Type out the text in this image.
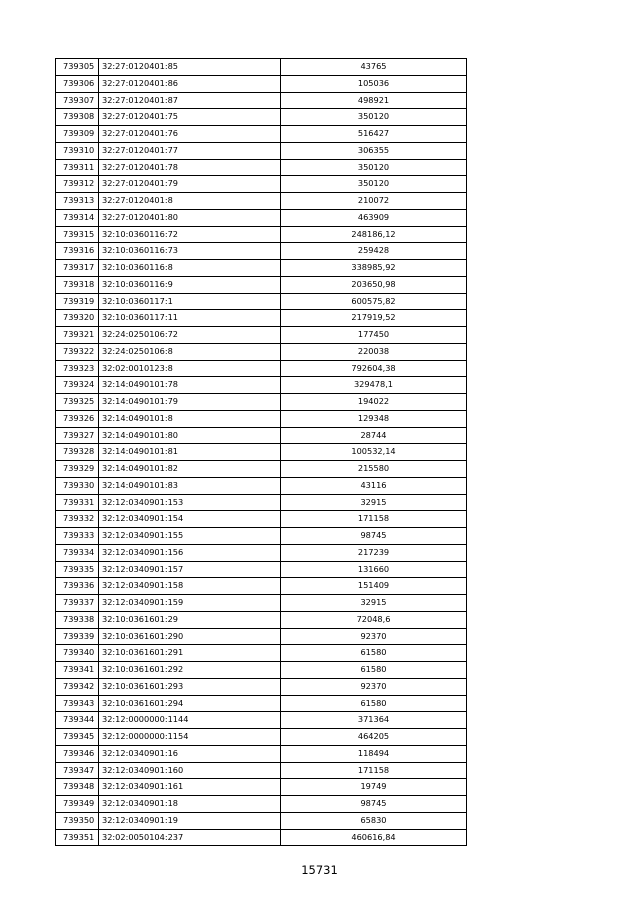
739305	32:27:0120401:85	43765
739306	32:27:0120401:86	105036
739307	32:27:0120401:87	498921
739308	32:27:0120401:75	350120
739309	32:27:0120401:76	516427
739310	32:27:0120401:77	306355
739311	32:27:0120401:78	350120
739312	32:27:0120401:79	350120
739313	32:27:0120401:8	210072
739314	32:27:0120401:80	463909
739315	32:10:0360116:72	248186,12
739316	32:10:0360116:73	259428
739317	32:10:0360116:8	338985,92
739318	32:10:0360116:9	203650,98
739319	32:10:0360117:1	600575,82
739320	32:10:0360117:11	217919,52
739321	32:24:0250106:72	177450
739322	32:24:0250106:8	220038
739323	32:02:0010123:8	792604,38
739324	32:14:0490101:78	329478,1
739325	32:14:0490101:79	194022
739326	32:14:0490101:8	129348
739327	32:14:0490101:80	28744
739328	32:14:0490101:81	100532,14
739329	32:14:0490101:82	215580
739330	32:14:0490101:83	43116
739331	32:12:0340901:153	32915
739332	32:12:0340901:154	171158
739333	32:12:0340901:155	98745
739334	32:12:0340901:156	217239
739335	32:12:0340901:157	131660
739336	32:12:0340901:158	151409
739337	32:12:0340901:159	32915
739338	32:10:0361601:29	72048,6
739339	32:10:0361601:290	92370
739340	32:10:0361601:291	61580
739341	32:10:0361601:292	61580
739342	32:10:0361601:293	92370
739343	32:10:0361601:294	61580
739344	32:12:0000000:1144	371364
739345	32:12:0000000:1154	464205
739346	32:12:0340901:16	118494
739347	32:12:0340901:160	171158
739348	32:12:0340901:161	19749
739349	32:12:0340901:18	98745
739350	32:12:0340901:19	65830
739351	32:02:0050104:237	460616,84
15731
